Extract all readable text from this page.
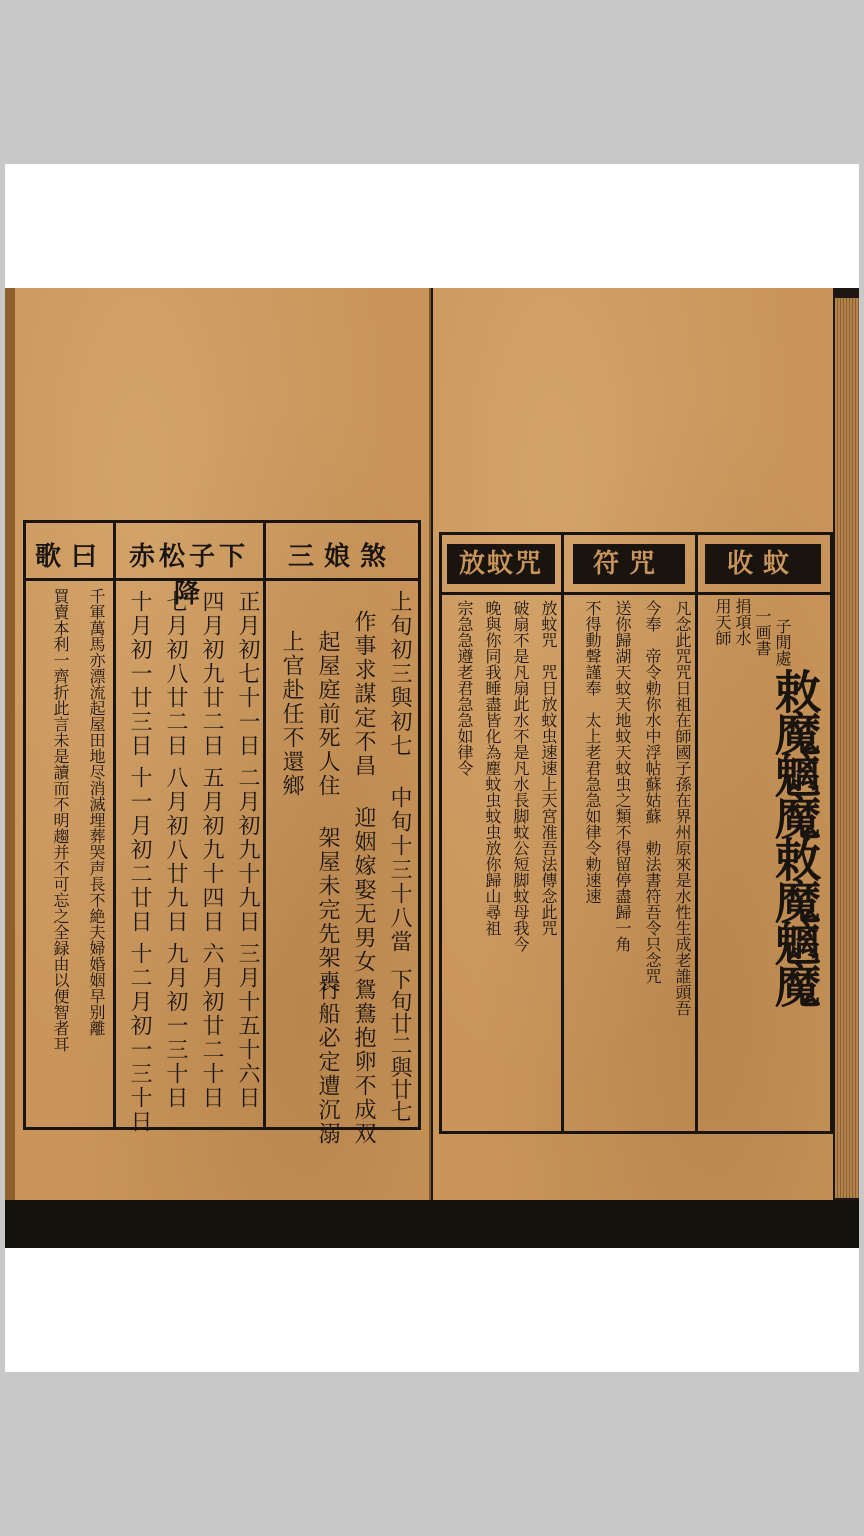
三娘煞
赤松子下降
歌曰
上旬初三與初七
中旬十三十八當
下旬廿二與廿七
作事求謀定不昌
迎姻嫁娶无男女
鴛鴦抱卵不成双
起屋庭前死人住
架屋未完先架喪
行船必定遭沉溺
上官赴任不還鄉
正月初七十一日
二月初九十九日
三月十五十六日
四月初九廿二日
五月初九十四日
六月初廿二十日
七月初八廿二日
八月初八廿九日
九月初一三十日
十月初一廿三日
十一月初二廿日
十二月初一三十日
千軍萬馬亦漂流起屋田地尽消滅埋葬哭声長不絶夫婦婚姻早别離
買賣本利一齊折此言未是讀而不明趨并不可忘之全録由以便智者耳
收蚊
符咒
放蚊咒
用天師 捐項水 一画書 子閒處
敕魔魑魔敕魔魑魔
凡念此咒咒日祖在師國子孫在界州原來是水性生成老誰頭吾
今奉　帝令勅你水中浮帖蘇姑蘇　勅法書符吾令只念咒
送你歸湖天蚊天地蚊天蚊虫之類不得留停盡歸一角
不得動聲謹奉　太上老君急急如律令勅速速
放蚊咒　咒日放蚊虫速速上天宮准吾法傳念此咒
破扇不是凡扇此水不是凡水長脚蚊公短脚蚊母我今
晚與你同我睡盡皆化為塵蚊虫蚊虫放你歸山尋祖
宗急急遵老君急急如律令
